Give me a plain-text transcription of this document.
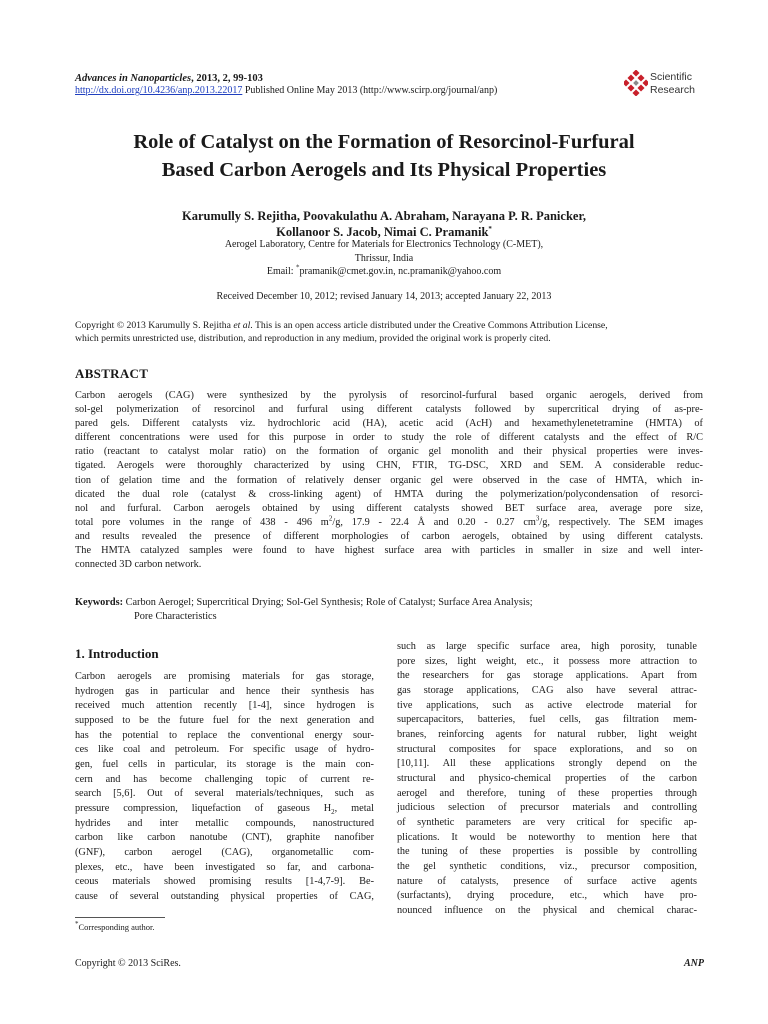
Advances in Nanoparticles, 2013, 2, 99-103
http://dx.doi.org/10.4236/anp.2013.22017 Published Online May 2013 (http://www.scirp.org/journal/anp)
Scientific
Research
Role of Catalyst on the Formation of Resorcinol-Furfural
Based Carbon Aerogels and Its Physical Properties
Karumully S. Rejitha, Poovakulathu A. Abraham, Narayana P. R. Panicker,
Kollanoor S. Jacob, Nimai C. Pramanik*
Aerogel Laboratory, Centre for Materials for Electronics Technology (C-MET),
Thrissur, India
Email: *pramanik@cmet.gov.in, nc.pramanik@yahoo.com
Received December 10, 2012; revised January 14, 2013; accepted January 22, 2013
Copyright © 2013 Karumully S. Rejitha et al. This is an open access article distributed under the Creative Commons Attribution License,
which permits unrestricted use, distribution, and reproduction in any medium, provided the original work is properly cited.
ABSTRACT
Carbon aerogels (CAG) were synthesized by the pyrolysis of resorcinol-furfural based organic aerogels, derived from
sol-gel polymerization of resorcinol and furfural using different catalysts followed by supercritical drying of as-pre-
pared gels. Different catalysts viz. hydrochloric acid (HA), acetic acid (AcH) and hexamethylenetetramine (HMTA) of
different concentrations were used for this purpose in order to study the role of different catalysts and the effect of R/C
ratio (reactant to catalyst molar ratio) on the formation of organic gel monolith and their physical properties were inves-
tigated. Aerogels were thoroughly characterized by using CHN, FTIR, TG-DSC, XRD and SEM. A considerable reduc-
tion of gelation time and the formation of relatively denser organic gel were observed in the case of HMTA, which in-
dicated the dual role (catalyst & cross-linking agent) of HMTA during the polymerization/polycondensation of resorci-
nol and furfural. Carbon aerogels obtained by using different catalysts showed BET surface area, average pore size,
total pore volumes in the range of 438 - 496 $m^2/g$, 17.9 - 22.4 Å and 0.20 - 0.27 $cm^3/g$, respectively. The SEM images
and results revealed the presence of different morphologies of carbon aerogels, obtained by using different catalysts.
The HMTA catalyzed samples were found to have highest surface area with particles in smaller in size and well inter-
connected 3D carbon network.
Keywords: Carbon Aerogel; Supercritical Drying; Sol-Gel Synthesis; Role of Catalyst; Surface Area Analysis;
Pore Characteristics
1. Introduction
Carbon aerogels are promising materials for gas storage,
hydrogen gas in particular and hence their synthesis has
received much attention recently [1-4], since hydrogen is
supposed to be the future fuel for the next generation and
has the potential to replace the conventional energy sour-
ces like coal and petroleum. For specific usage of hydro-
gen, fuel cells in particular, its storage is the main con-
cern and has become challenging topic of current re-
search [5,6]. Out of several materials/techniques, such as
pressure compression, liquefaction of gaseous $H_2$, metal
hydrides and inter metallic compounds, nanostructured
carbon like carbon nanotube (CNT), graphite nanofiber
(GNF), carbon aerogel (CAG), organometallic com-
plexes, etc., have been investigated so far, and carbona-
ceous materials showed promising results [1-4,7-9]. Be-
cause of several outstanding physical properties of CAG,
such as large specific surface area, high porosity, tunable
pore sizes, light weight, etc., it possess more attraction to
the researchers for gas storage applications. Apart from
gas storage applications, CAG also have several attrac-
tive applications, such as active electrode material for
supercapacitors, batteries, fuel cells, gas filtration mem-
branes, reinforcing agents for natural rubber, light weight
structural composites for space explorations, and so on
[10,11]. All these applications strongly depend on the
structural and physico-chemical properties of the carbon
aerogel and therefore, tuning of these properties through
judicious selection of precursor materials and controlling
of synthetic parameters are very critical for specific ap-
plications. It would be noteworthy to mention here that
the tuning of these properties is possible by controlling
the gel synthetic conditions, viz., precursor composition,
nature of catalysts, presence of surface active agents
(surfactants), drying procedure, etc., which have pro-
nounced influence on the physical and chemical charac-
*Corresponding author.
Copyright © 2013 SciRes.	ANP
